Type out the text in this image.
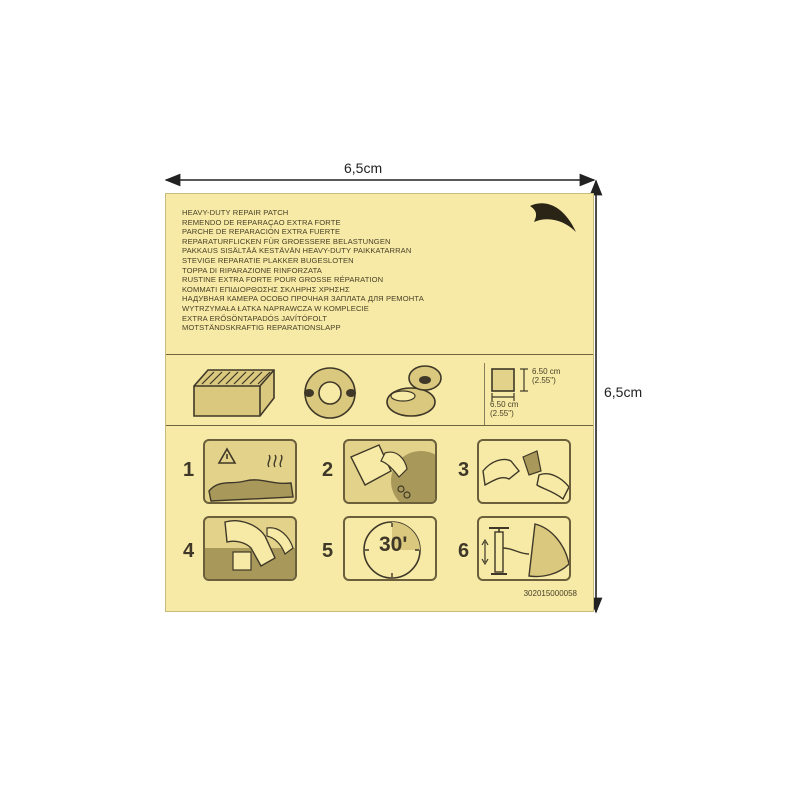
6,5cm
6,5cm
HEAVY-DUTY REPAIR PATCH
REMENDO DE REPARAÇAO EXTRA FORTE
PARCHE DE REPARACIÓN EXTRA FUERTE
REPARATURFLICKEN FÜR GROESSERE BELASTUNGEN
PAKKAUS SISÄLTÄÄ KESTÄVÄN HEAVY-DUTY PAIKKATARRAN
STEVIGE REPARATIE PLAKKER BUGESLOTEN
TOPPA DI RIPARAZIONE RINFORZATA
RUSTINE EXTRA FORTE POUR GROSSE RÉPARATION
ΚΟΜΜΑΤΙ ΕΠΙΔΙΟΡΘΩΣΗΣ ΣΚΛΗΡΗΣ ΧΡΗΣΗΣ
НАДУВНАЯ КАМЕРА ОСОБО ПРОЧНАЯ ЗАПЛАТА ДЛЯ РЕМОНТА
WYTRZYMAŁA ŁATKA NAPRAWCZA W KOMPLECIE
EXTRA ERŐSÖNTAPADÓS JAVÍTÓFOLT
MOTSTÄNDSKRAFTIG REPARATIONSLAPP
6.50 cm
(2.55")
6.50 cm
(2.55")
1	2	3
4	5 30'	6
302015000058
